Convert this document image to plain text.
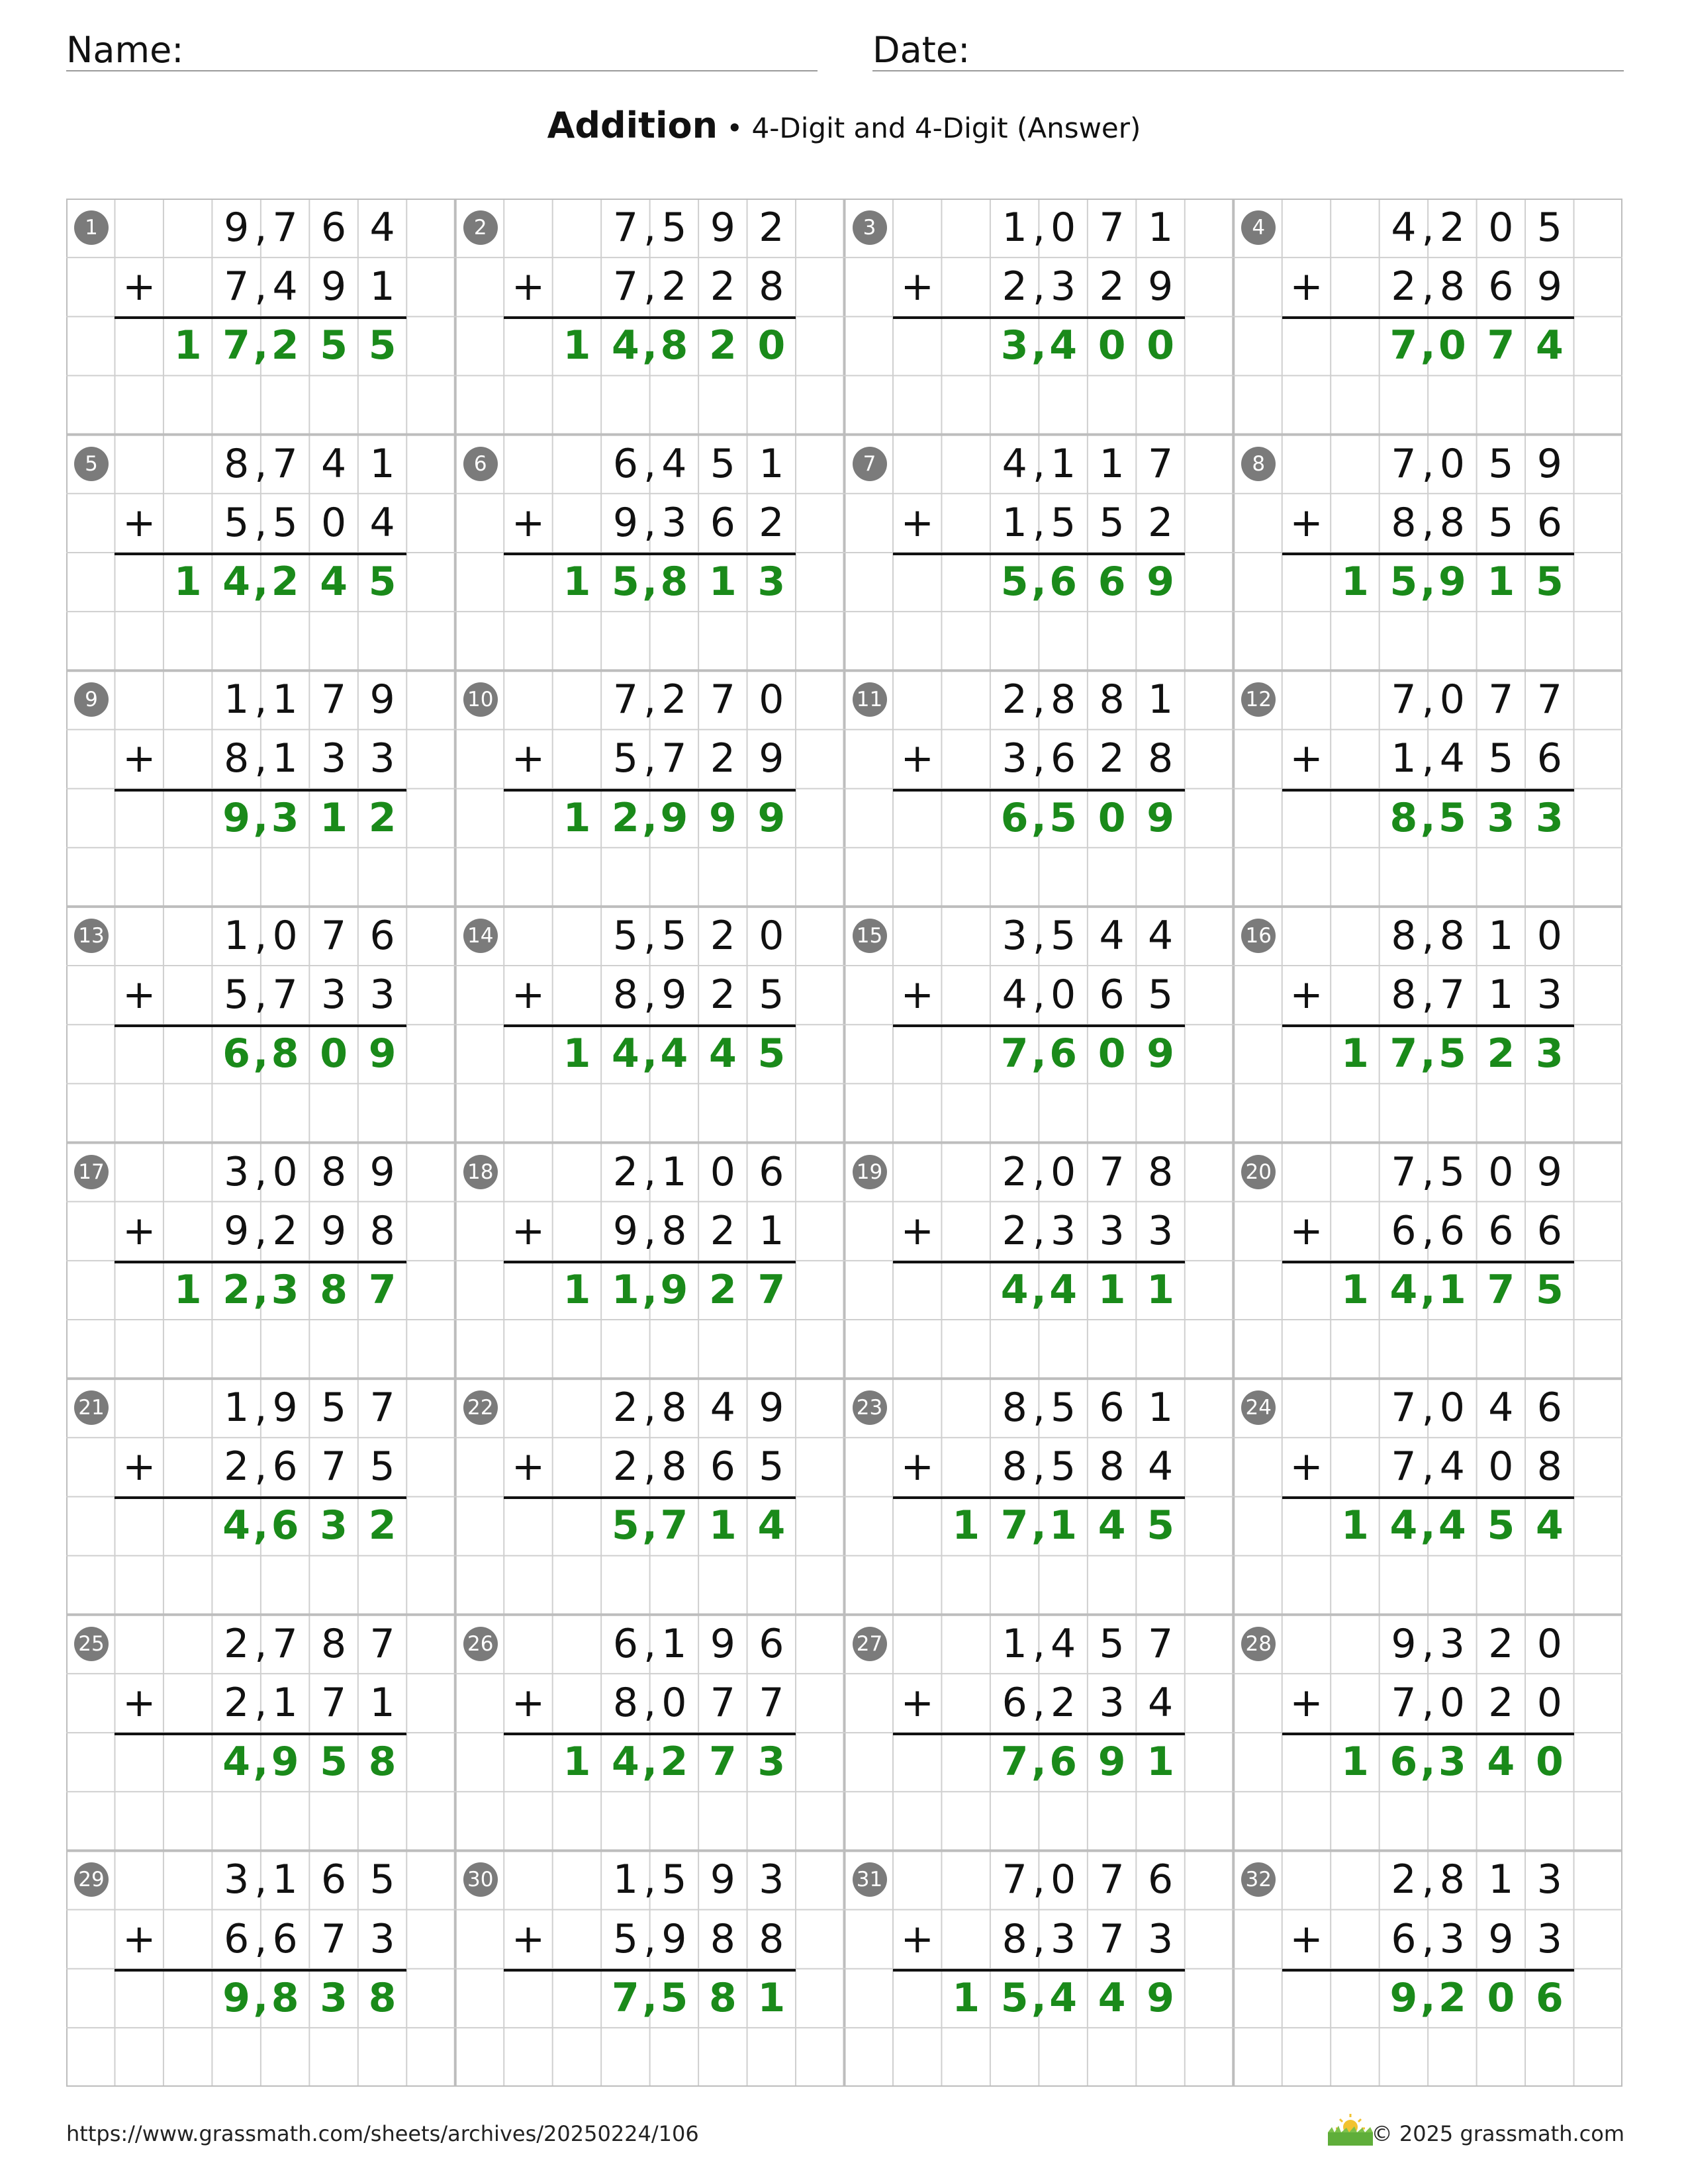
Name:	Date:
Addition • 4-Digit and 4-Digit (Answer)
1	9 7 6 4
,
7 4 9 1
,
+
1 7 2 5 5
,
2	7 5 9 2
,
7 2 2 8
,
+
1 4 8 2 0
,
3	1 0 7 1
,
2 3 2 9
,
+
3 4 0 0
,
4	4 2 0 5
,
2 8 6 9
,
+
7 0 7 4
,
5	8 7 4 1
,
5 5 0 4
,
+
1 4 2 4 5
,
6	6 4 5 1
,
9 3 6 2
,
+
1 5 8 1 3
,
7	4 1 1 7
,
1 5 5 2
,
+
5 6 6 9
,
8	7 0 5 9
,
8 8 5 6
,
+
1 5 9 1 5
,
9	1 1 7 9
,
8 1 3 3
,
+
9 3 1 2
,
10	7 2 7 0
,
5 7 2 9
,
+
1 2 9 9 9
,
11	2 8 8 1
,
3 6 2 8
,
+
6 5 0 9
,
12	7 0 7 7
,
1 4 5 6
,
+
8 5 3 3
,
13	1 0 7 6
,
5 7 3 3
,
+
6 8 0 9
,
14	5 5 2 0
,
8 9 2 5
,
+
1 4 4 4 5
,
15	3 5 4 4
,
4 0 6 5
,
+
7 6 0 9
,
16	8 8 1 0
,
8 7 1 3
,
+
1 7 5 2 3
,
17	3 0 8 9
,
9 2 9 8
,
+
1 2 3 8 7
,
18	2 1 0 6
,
9 8 2 1
,
+
1 1 9 2 7
,
19	2 0 7 8
,
2 3 3 3
,
+
4 4 1 1
,
20	7 5 0 9
,
6 6 6 6
,
+
1 4 1 7 5
,
21	1 9 5 7
,
2 6 7 5
,
+
4 6 3 2
,
22	2 8 4 9
,
2 8 6 5
,
+
5 7 1 4
,
23	8 5 6 1
,
8 5 8 4
,
+
1 7 1 4 5
,
24	7 0 4 6
,
7 4 0 8
,
+
1 4 4 5 4
,
25	2 7 8 7
,
2 1 7 1
,
+
4 9 5 8
,
26	6 1 9 6
,
8 0 7 7
,
+
1 4 2 7 3
,
27	1 4 5 7
,
6 2 3 4
,
+
7 6 9 1
,
28	9 3 2 0
,
7 0 2 0
,
+
1 6 3 4 0
,
29	3 1 6 5
,
6 6 7 3
,
+
9 8 3 8
,
30	1 5 9 3
,
5 9 8 8
,
+
7 5 8 1
,
31	7 0 7 6
,
8 3 7 3
,
+
1 5 4 4 9
,
32	2 8 1 3
,
6 3 9 3
,
+
9 2 0 6
,
https://www.grassmath.com/sheets/archives/20250224/106	© 2025 grassmath.com
